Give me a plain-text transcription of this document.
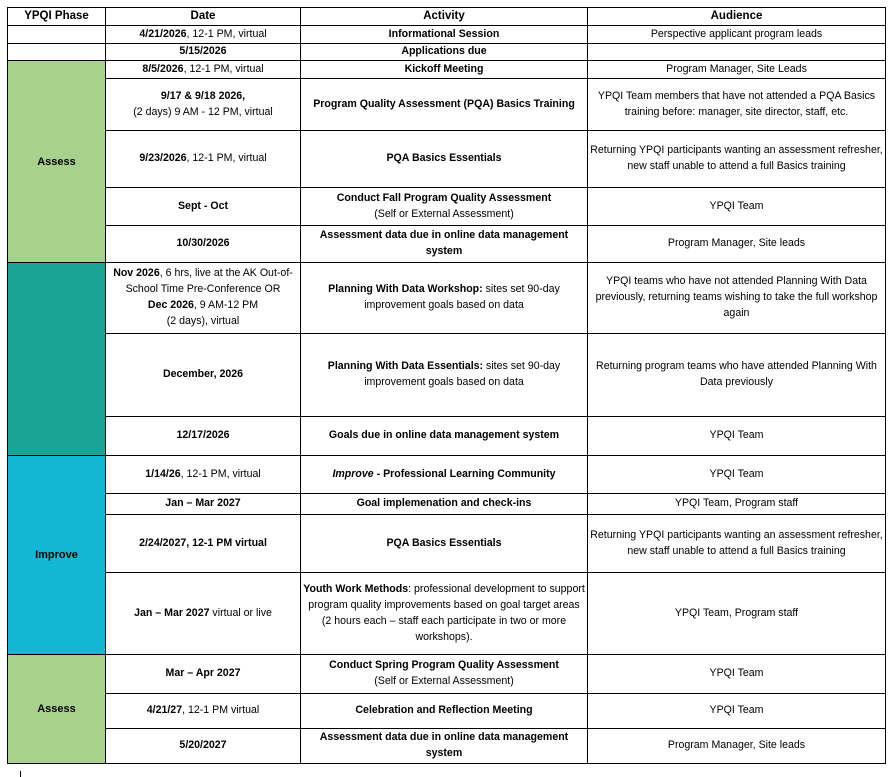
YPQI Phase	Date	Activity	Audience
	4/21/2026, 12-1 PM, virtual	Informational Session	Perspective applicant program leads
	5/15/2026	Applications due	
Assess	8/5/2026, 12-1 PM, virtual	Kickoff Meeting	Program Manager, Site Leads
	9/17 & 9/18 2026,
(2 days) 9 AM - 12 PM, virtual	Program Quality Assessment (PQA) Basics Training	YPQI Team members that have not attended a PQA Basics training before: manager, site director, staff, etc.
	9/23/2026, 12-1 PM, virtual	PQA Basics Essentials	Returning YPQI participants wanting an assessment refresher, new staff unable to attend a full Basics training
	Sept - Oct	Conduct Fall Program Quality Assessment
(Self or External Assessment)	YPQI Team
	10/30/2026	Assessment data due in online data management system	Program Manager, Site leads
	Nov 2026, 6 hrs, live at the AK Out-of-School Time Pre-Conference OR
Dec 2026, 9 AM-12 PM
(2 days), virtual	Planning With Data Workshop: sites set 90-day improvement goals based on data	YPQI teams who have not attended Planning With Data previously, returning teams wishing to take the full workshop again
	December, 2026	Planning With Data Essentials: sites set 90-day improvement goals based on data	Returning program teams who have attended Planning With Data previously
	12/17/2026	Goals due in online data management system	YPQI Team
Improve	1/14/26, 12-1 PM, virtual	Improve - Professional Learning Community	YPQI Team
	Jan – Mar 2027	Goal implemenation and check-ins	YPQI Team, Program staff
	2/24/2027, 12-1 PM virtual	PQA Basics Essentials	Returning YPQI participants wanting an assessment refresher, new staff unable to attend a full Basics training
	Jan – Mar 2027 virtual or live	Youth Work Methods: professional development to support program quality improvements based on goal target areas (2 hours each – staff each participate in two or more workshops).	YPQI Team, Program staff
Assess	Mar – Apr 2027	Conduct Spring Program Quality Assessment
(Self or External Assessment)	YPQI Team
	4/21/27, 12-1 PM virtual	Celebration and Reflection Meeting	YPQI Team
	5/20/2027	Assessment data due in online data management system	Program Manager, Site leads
